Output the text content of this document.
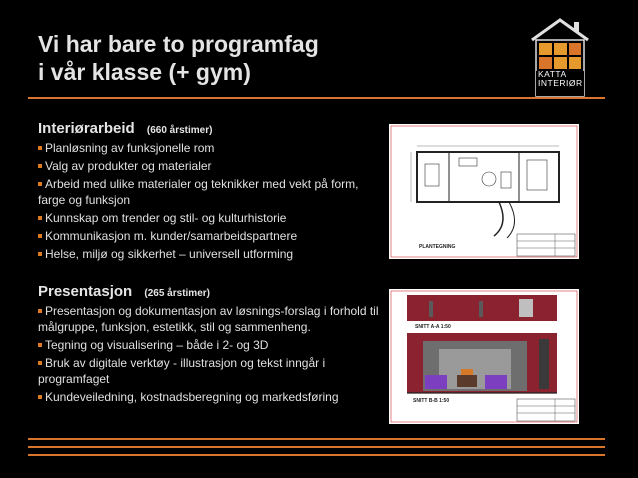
Vi har bare to programfag
i vår klasse (+ gym)	KATTA
INTERIØR
Interiørarbeid (660 årstimer)
Planløsning av funksjonelle rom
Valg av produkter og materialer
Arbeid med ulike materialer og teknikker med vekt på form, farge og funksjon
Kunnskap om trender og stil- og kulturhistorie
Kommunikasjon m. kunder/samarbeidspartnere
Helse, miljø og sikkerhet – universell utforming
Presentasjon (265 årstimer)
Presentasjon og dokumentasjon av løsnings-forslag i forhold til målgruppe, funksjon, estetikk, stil og sammenheng.
Tegning og visualisering – både i 2- og 3D
Bruk av digitale verktøy - illustrasjon og tekst inngår i programfaget
Kundeveiledning, kostnadsberegning og markedsføring
PLANTEGNING
SNITT A-A 1:50
SNITT B-B 1:50
